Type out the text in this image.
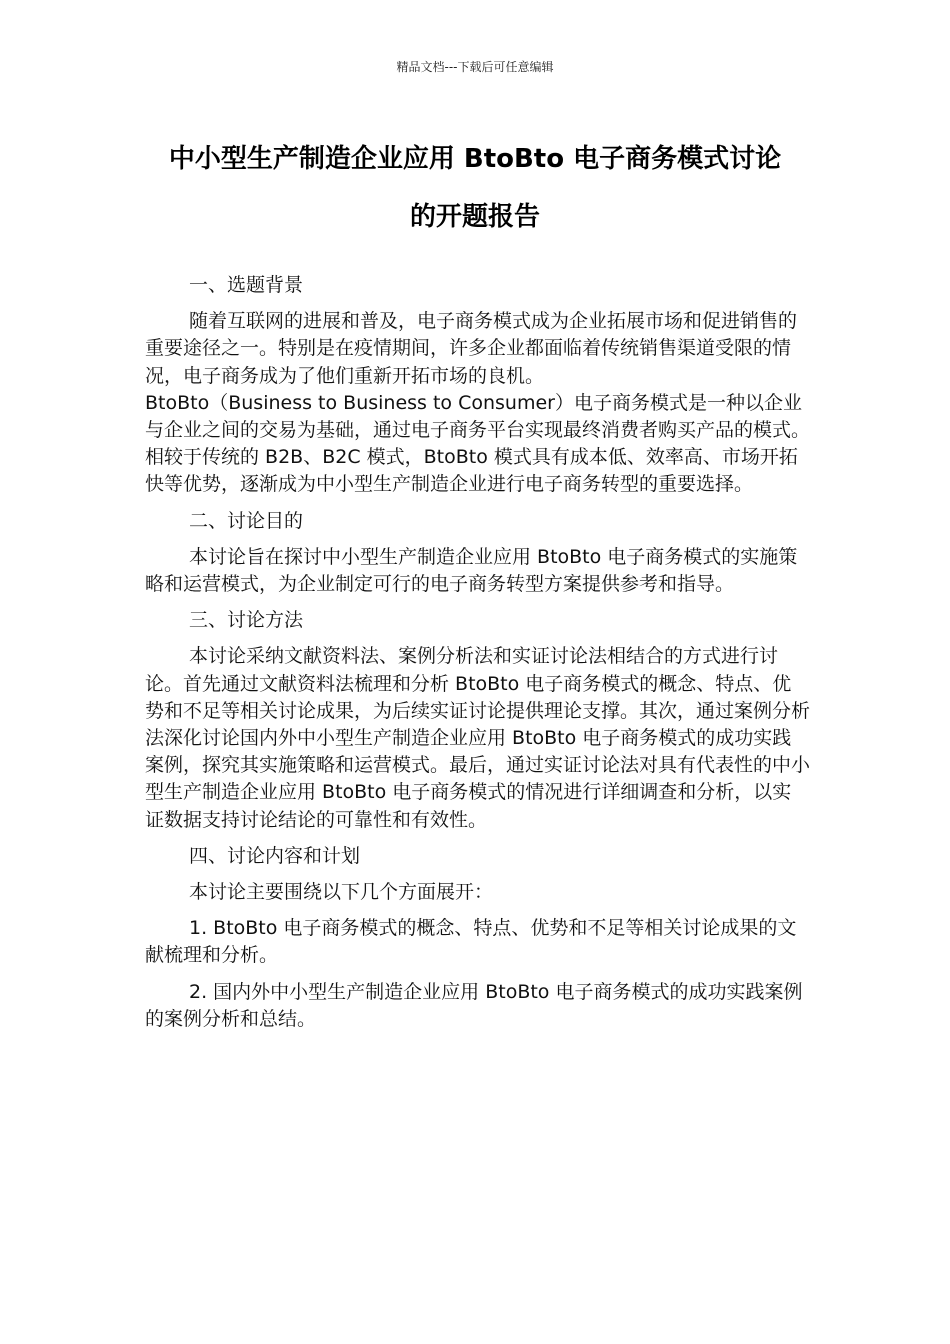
精品文档---下载后可任意编辑
中小型生产制造企业应用 BtoBto 电子商务模式讨论
的开题报告

一、选题背景

随着互联网的进展和普及，电子商务模式成为企业拓展市场和促进销售的重要途径之一。特别是在疫情期间，许多企业都面临着传统销售渠道受限的情况，电子商务成为了他们重新开拓市场的良机。

BtoBto（Business to Business to Consumer）电子商务模式是一种以企业与企业之间的交易为基础，通过电子商务平台实现最终消费者购买产品的模式。相较于传统的 B2B、B2C 模式，BtoBto 模式具有成本低、效率高、市场开拓快等优势，逐渐成为中小型生产制造企业进行电子商务转型的重要选择。

二、讨论目的

本讨论旨在探讨中小型生产制造企业应用 BtoBto 电子商务模式的实施策略和运营模式，为企业制定可行的电子商务转型方案提供参考和指导。

三、讨论方法

本讨论采纳文献资料法、案例分析法和实证讨论法相结合的方式进行讨论。首先通过文献资料法梳理和分析 BtoBto 电子商务模式的概念、特点、优势和不足等相关讨论成果，为后续实证讨论提供理论支撑。其次，通过案例分析法深化讨论国内外中小型生产制造企业应用 BtoBto 电子商务模式的成功实践案例，探究其实施策略和运营模式。最后，通过实证讨论法对具有代表性的中小型生产制造企业应用 BtoBto 电子商务模式的情况进行详细调查和分析，以实证数据支持讨论结论的可靠性和有效性。

四、讨论内容和计划

本讨论主要围绕以下几个方面展开：

1. BtoBto 电子商务模式的概念、特点、优势和不足等相关讨论成果的文献梳理和分析。

2. 国内外中小型生产制造企业应用 BtoBto 电子商务模式的成功实践案例的案例分析和总结。
